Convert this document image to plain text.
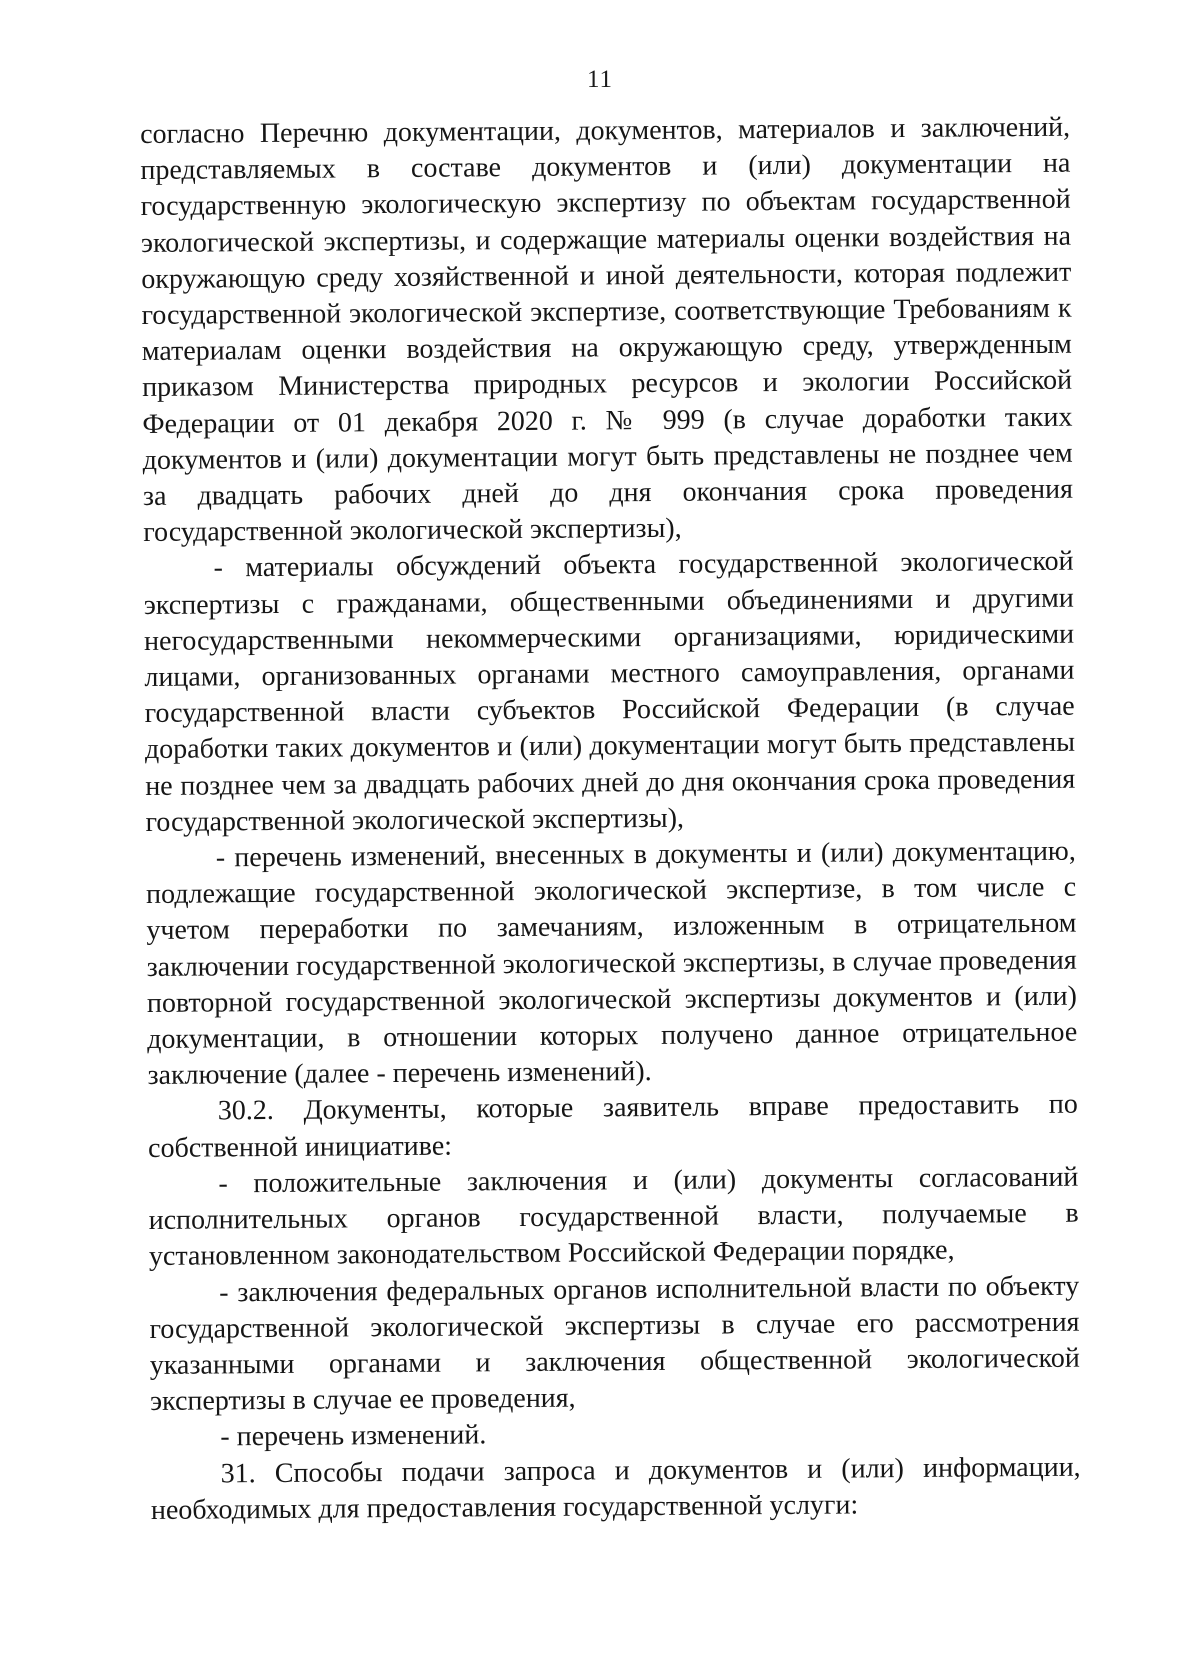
11

согласно Перечню документации, документов, материалов и заключений, представляемых в составе документов и (или) документации на государственную экологическую экспертизу по объектам государственной экологической экспертизы, и содержащие материалы оценки воздействия на окружающую среду хозяйственной и иной деятельности, которая подлежит государственной экологической экспертизе, соответствующие Требованиям к материалам оценки воздействия на окружающую среду, утвержденным приказом Министерства природных ресурсов и экологии Российской Федерации от 01 декабря 2020 г. № 999 (в случае доработки таких документов и (или) документации могут быть представлены не позднее чем за двадцать рабочих дней до дня окончания срока проведения государственной экологической экспертизы),

- материалы обсуждений объекта государственной экологической экспертизы с гражданами, общественными объединениями и другими негосударственными некоммерческими организациями, юридическими лицами, организованных органами местного самоуправления, органами государственной власти субъектов Российской Федерации (в случае доработки таких документов и (или) документации могут быть представлены не позднее чем за двадцать рабочих дней до дня окончания срока проведения государственной экологической экспертизы),

- перечень изменений, внесенных в документы и (или) документацию, подлежащие государственной экологической экспертизе, в том числе с учетом переработки по замечаниям, изложенным в отрицательном заключении государственной экологической экспертизы, в случае проведения повторной государственной экологической экспертизы документов и (или) документации, в отношении которых получено данное отрицательное заключение (далее - перечень изменений).

30.2. Документы, которые заявитель вправе предоставить по собственной инициативе:

- положительные заключения и (или) документы согласований исполнительных органов государственной власти, получаемые в установленном законодательством Российской Федерации порядке,

- заключения федеральных органов исполнительной власти по объекту государственной экологической экспертизы в случае его рассмотрения указанными органами и заключения общественной экологической экспертизы в случае ее проведения,

- перечень изменений.

31. Способы подачи запроса и документов и (или) информации, необходимых для предоставления государственной услуги:
